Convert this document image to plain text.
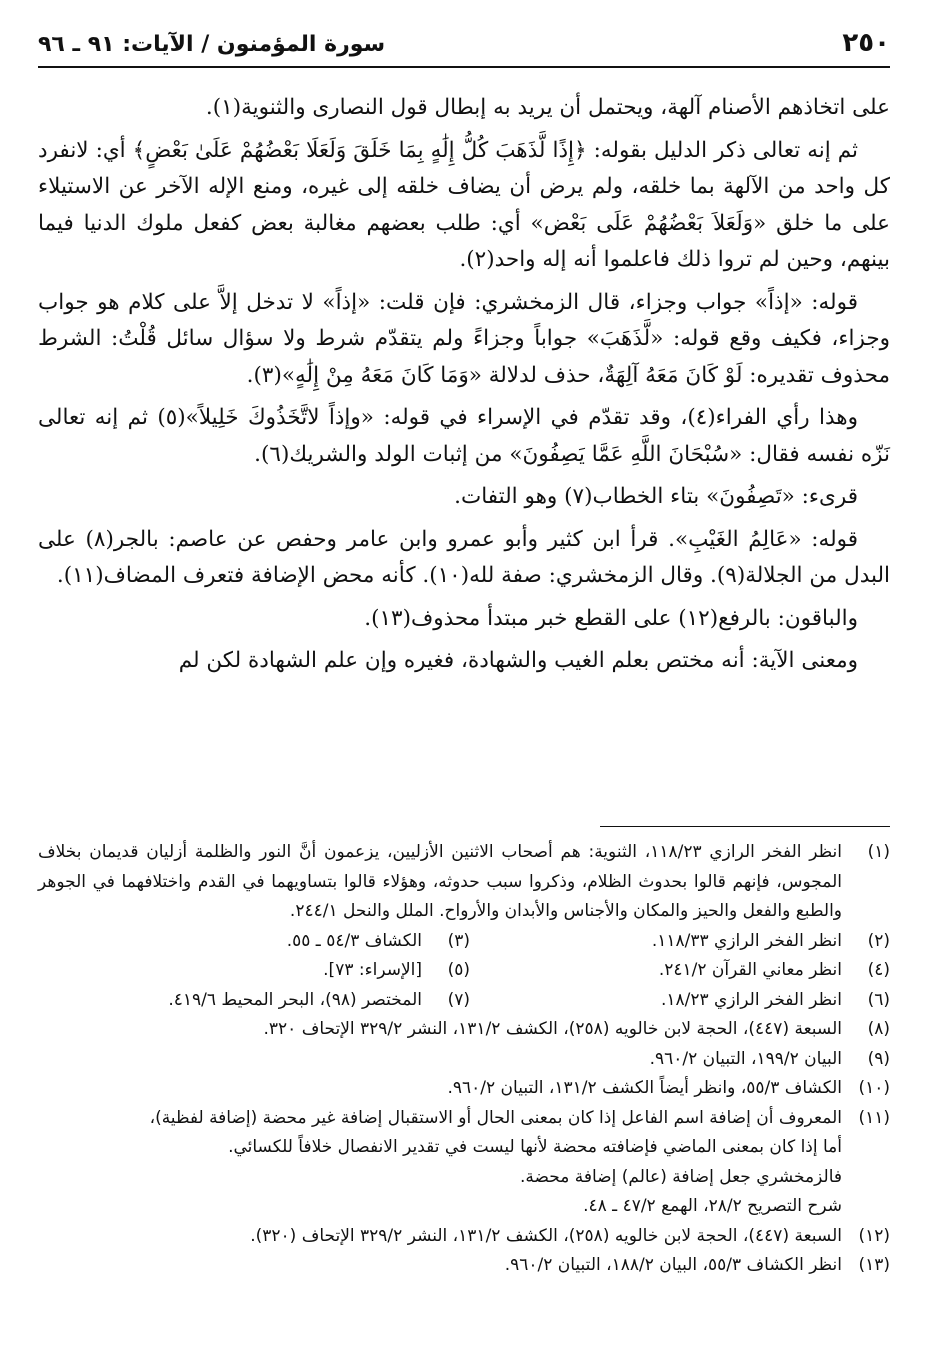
٢٥٠
سورة المؤمنون / الآيات: ٩١ ـ ٩٦

على اتخاذهم الأصنام آلهة، ويحتمل أن يريد به إبطال قول النصارى والثنوية(١).

ثم إنه تعالى ذكر الدليل بقوله: ﴿إِذًا لَّذَهَبَ كُلُّ إِلَٰهٍ بِمَا خَلَقَ وَلَعَلَا بَعْضُهُمْ عَلَىٰ بَعْضٍ﴾ أي: لانفرد كل واحد من الآلهة بما خلقه، ولم يرض أن يضاف خلقه إلى غيره، ومنع الإله الآخر عن الاستيلاء على ما خلق «وَلَعَلاَ بَعْضُهُمْ عَلَى بَعْض» أي: طلب بعضهم مغالبة بعض كفعل ملوك الدنيا فيما بينهم، وحين لم تروا ذلك فاعلموا أنه إله واحد(٢).

قوله: «إذاً» جواب وجزاء، قال الزمخشري: فإن قلت: «إذاً» لا تدخل إلاَّ على كلام هو جواب وجزاء، فكيف وقع قوله: «لَّذَهَبَ» جواباً وجزاءً ولم يتقدّم شرط ولا سؤال سائل قُلْتُ: الشرط محذوف تقديره: لَوْ كَانَ مَعَهُ آلِهَةٌ، حذف لدلالة «وَمَا كَانَ مَعَهُ مِنْ إِلَٰهٍ»(٣).

وهذا رأي الفراء(٤)، وقد تقدّم في الإسراء في قوله: «وإذاً لاتَّخَذُوكَ خَلِيلاً»(٥) ثم إنه تعالى نَزّه نفسه فقال: «سُبْحَانَ اللَّهِ عَمَّا يَصِفُونَ» من إثبات الولد والشريك(٦).

قرىء: «تَصِفُونَ» بتاء الخطاب(٧) وهو التفات.

قوله: «عَالِمُ الغَيْبِ». قرأ ابن كثير وأبو عمرو وابن عامر وحفص عن عاصم: بالجر(٨) على البدل من الجلالة(٩). وقال الزمخشري: صفة لله(١٠). كأنه محض الإضافة فتعرف المضاف(١١).

والباقون: بالرفع(١٢) على القطع خبر مبتدأ محذوف(١٣).

ومعنى الآية: أنه مختص بعلم الغيب والشهادة، فغيره وإن علم الشهادة لكن لم

(١)
انظر الفخر الرازي ١١٨/٢٣، الثنوية: هم أصحاب الاثنين الأزليين، يزعمون أنَّ النور والظلمة أزليان قديمان بخلاف المجوس، فإنهم قالوا بحدوث الظلام، وذكروا سبب حدوثه، وهؤلاء قالوا بتساويهما في القدم واختلافهما في الجوهر والطبع والفعل والحيز والمكان والأجناس والأبدان والأرواح. الملل والنحل ٢٤٤/١.
(٢)
انظر الفخر الرازي ١١٨/٣٣.
(٣)
الكشاف ٥٤/٣ ـ ٥٥.
(٤)
انظر معاني القرآن ٢٤١/٢.
(٥)
[الإسراء: ٧٣].
(٦)
انظر الفخر الرازي ١٨/٢٣.
(٧)
المختصر (٩٨)، البحر المحيط ٤١٩/٦.
(٨)
السبعة (٤٤٧)، الحجة لابن خالويه (٢٥٨)، الكشف ١٣١/٢، النشر ٣٢٩/٢ الإتحاف ٣٢٠.
(٩)
البيان ١٩٩/٢، التبيان ٩٦٠/٢.
(١٠)
الكشاف ٥٥/٣، وانظر أيضاً الكشف ١٣١/٢، التبيان ٩٦٠/٢.
(١١)
المعروف أن إضافة اسم الفاعل إذا كان بمعنى الحال أو الاستقبال إضافة غير محضة (إضافة لفظية)،
أما إذا كان بمعنى الماضي فإضافته محضة لأنها ليست في تقدير الانفصال خلافاً للكسائي.
فالزمخشري جعل إضافة (عالم) إضافة محضة.
شرح التصريح ٢٨/٢، الهمع ٤٧/٢ ـ ٤٨.
(١٢)
السبعة (٤٤٧)، الحجة لابن خالويه (٢٥٨)، الكشف ١٣١/٢، النشر ٣٢٩/٢ الإتحاف (٣٢٠).
(١٣)
انظر الكشاف ٥٥/٣، البيان ١٨٨/٢، التبيان ٩٦٠/٢.
